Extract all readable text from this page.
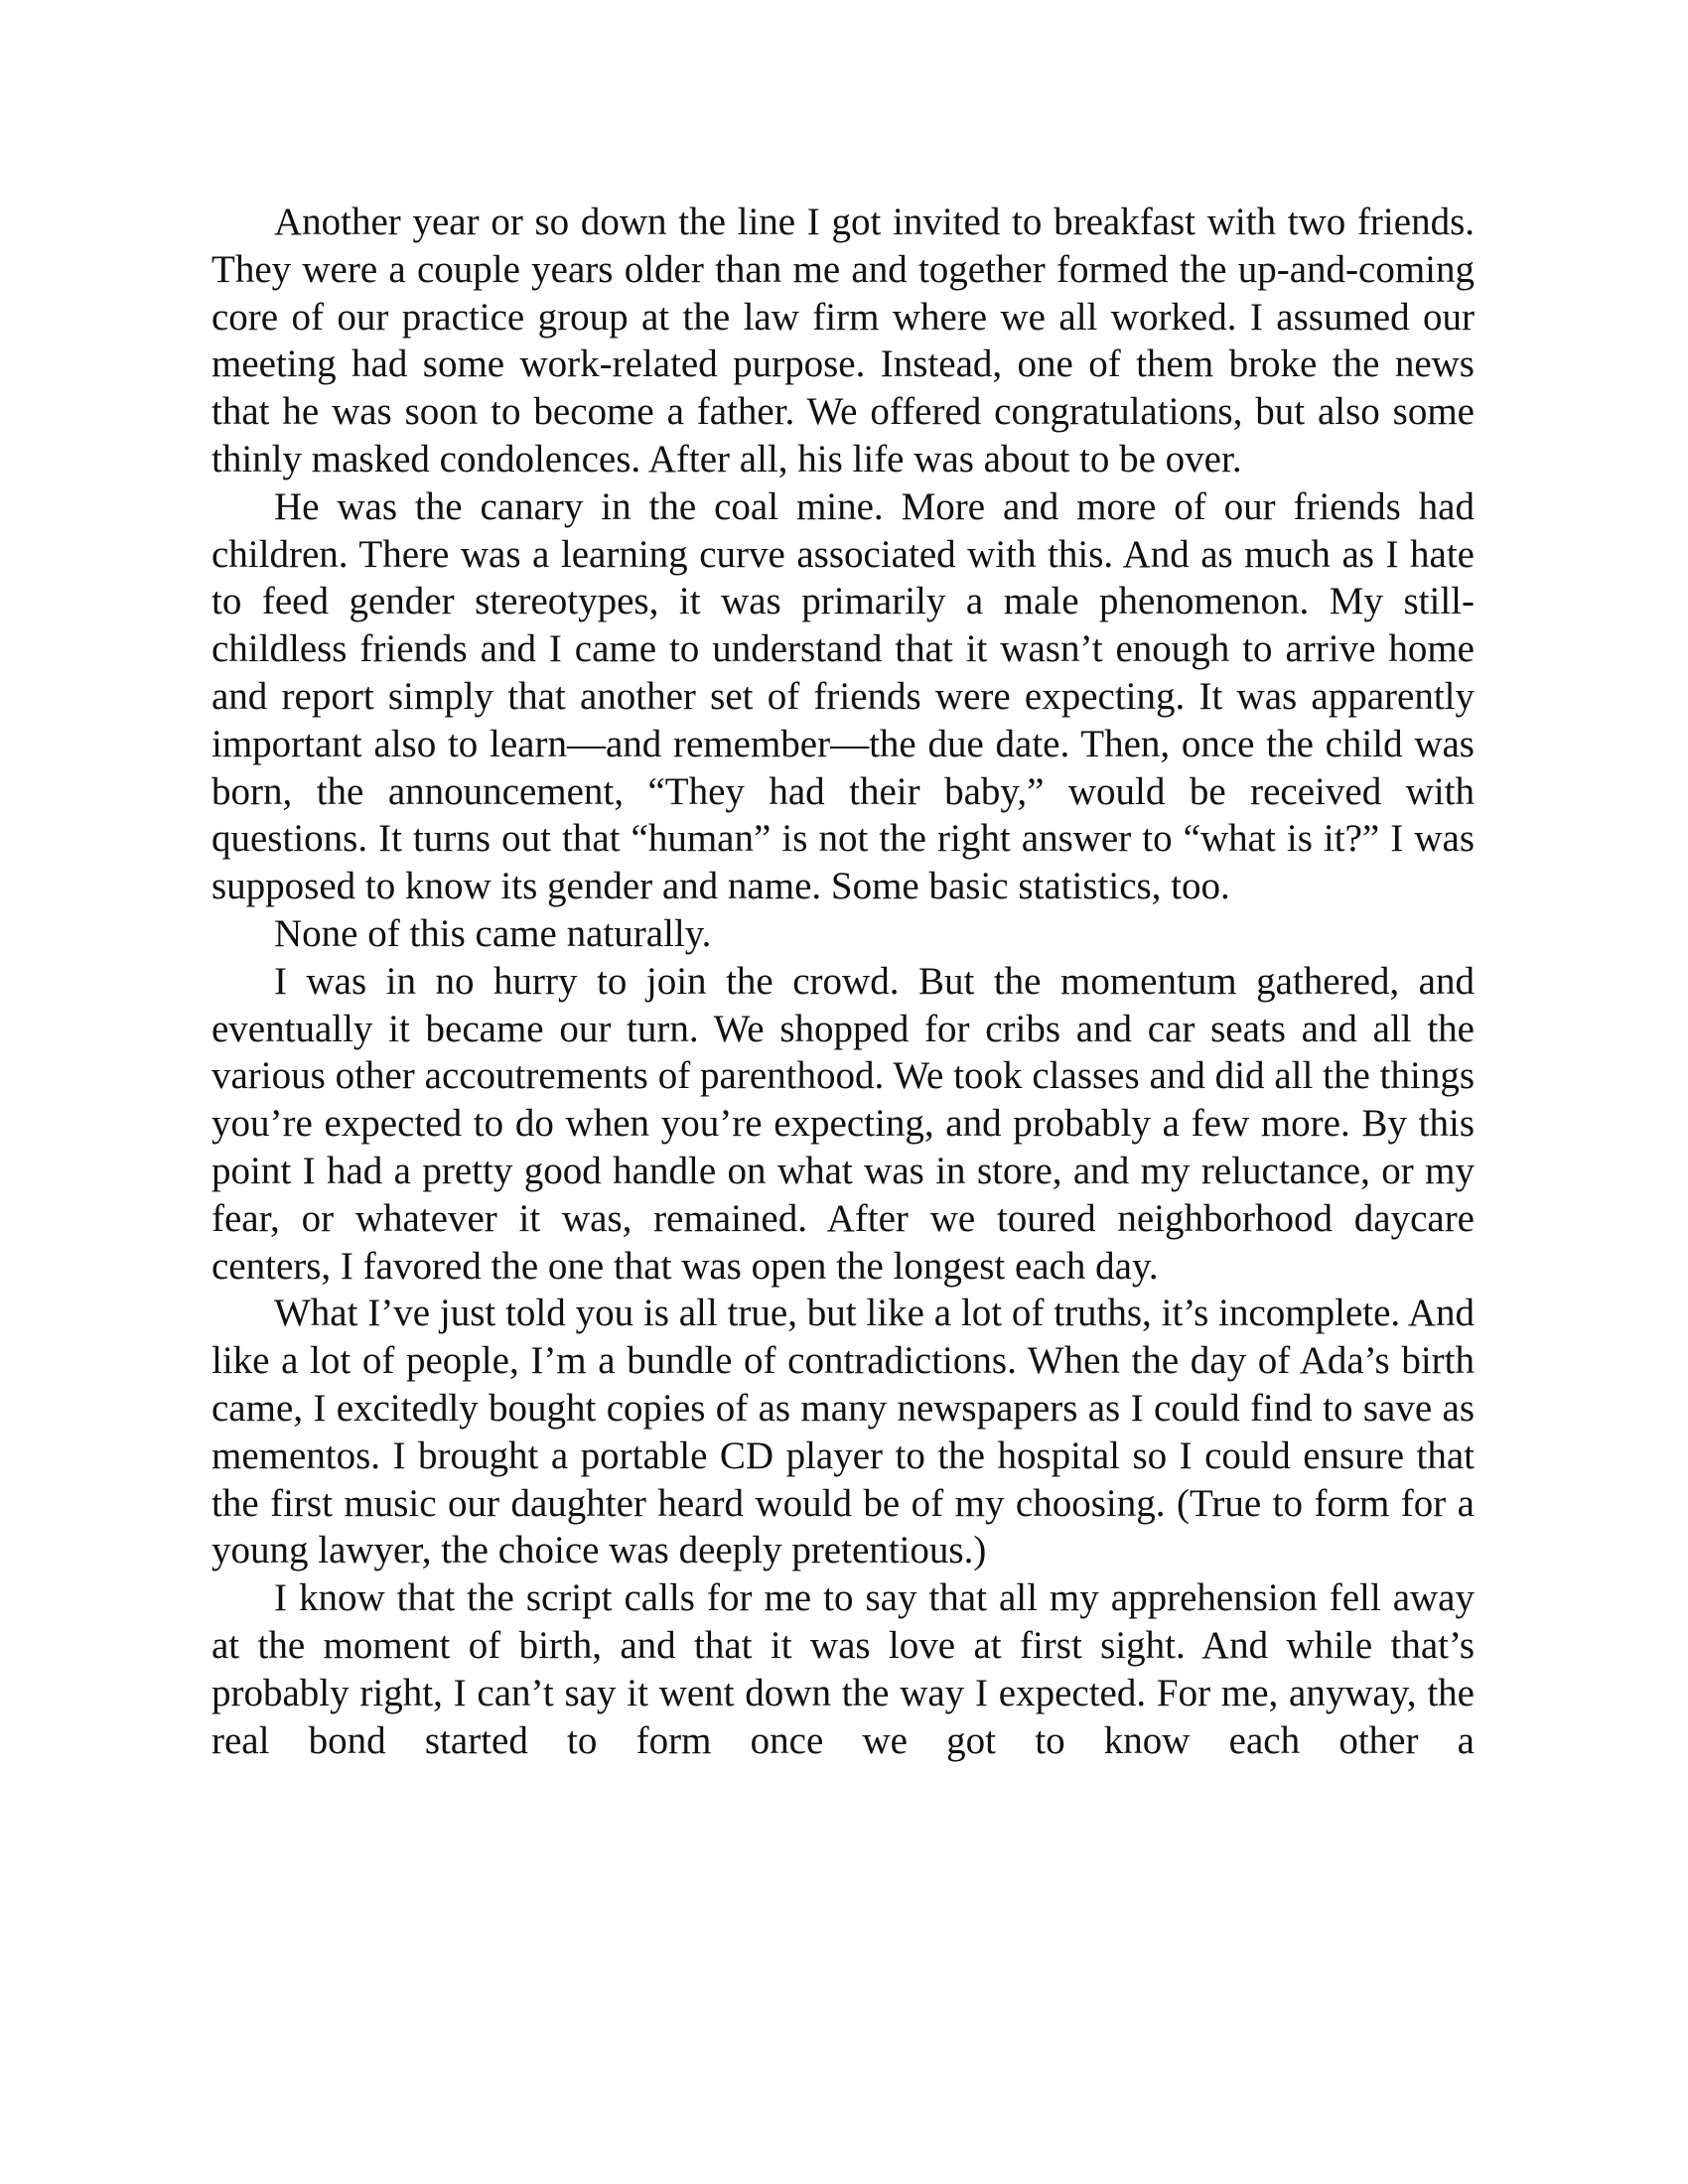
Another year or so down the line I got invited to breakfast with two friends. They were a couple years older than me and together formed the up-and-coming core of our practice group at the law firm where we all worked. I assumed our meeting had some work-related purpose. Instead, one of them broke the news that he was soon to become a father. We offered congratulations, but also some thinly masked condolences. After all, his life was about to be over.

He was the canary in the coal mine. More and more of our friends had children. There was a learning curve associated with this. And as much as I hate to feed gender stereotypes, it was primarily a male phenomenon. My still-childless friends and I came to understand that it wasn’t enough to arrive home and report simply that another set of friends were expecting. It was apparently important also to learn—and remember—the due date. Then, once the child was born, the announcement, “They had their baby,” would be received with questions. It turns out that “human” is not the right answer to “what is it?” I was supposed to know its gender and name. Some basic statistics, too.

None of this came naturally.

I was in no hurry to join the crowd. But the momentum gathered, and eventually it became our turn. We shopped for cribs and car seats and all the various other accoutrements of parenthood. We took classes and did all the things you’re expected to do when you’re expecting, and probably a few more. By this point I had a pretty good handle on what was in store, and my reluctance, or my fear, or whatever it was, remained. After we toured neighborhood daycare centers, I favored the one that was open the longest each day.

What I’ve just told you is all true, but like a lot of truths, it’s incomplete. And like a lot of people, I’m a bundle of contradictions. When the day of Ada’s birth came, I excitedly bought copies of as many newspapers as I could find to save as mementos. I brought a portable CD player to the hospital so I could ensure that the first music our daughter heard would be of my choosing. (True to form for a young lawyer, the choice was deeply pretentious.)

I know that the script calls for me to say that all my apprehension fell away at the moment of birth, and that it was love at first sight. And while that’s probably right, I can’t say it went down the way I expected. For me, anyway, the real bond started to form once we got to know each other a
